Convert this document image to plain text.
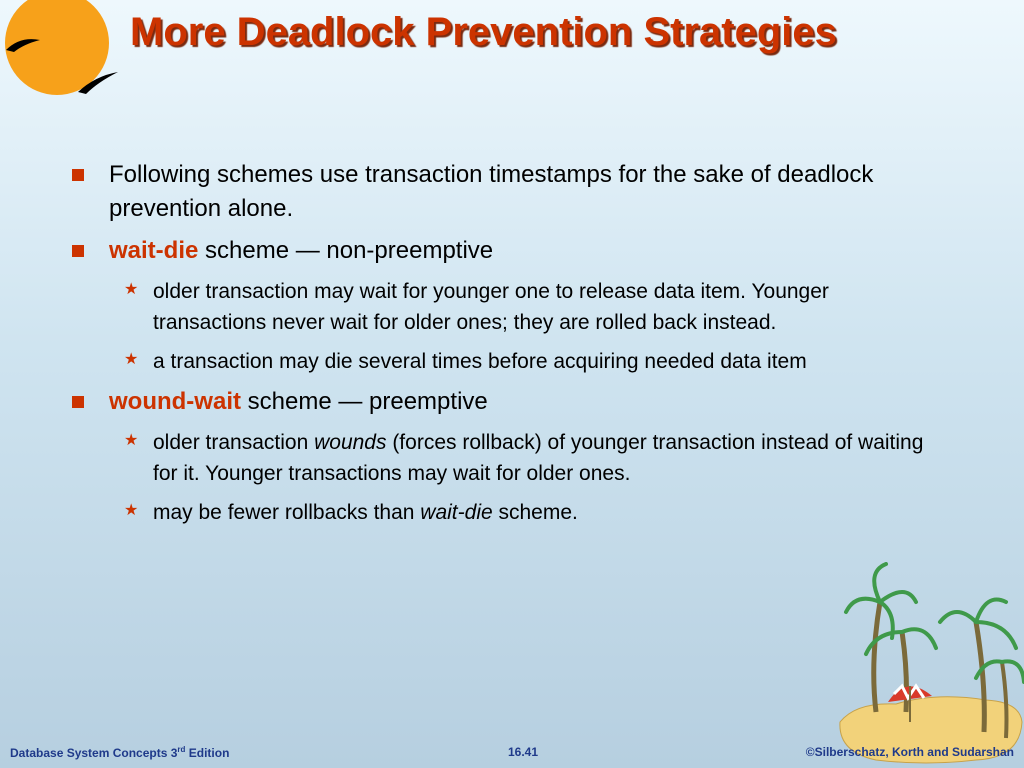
More Deadlock Prevention Strategies
Following schemes use transaction timestamps for the sake of deadlock prevention alone.
wait-die scheme — non-preemptive
★ older transaction may wait for younger one to release data item. Younger transactions never wait for older ones; they are rolled back instead.
★ a transaction may die several times before acquiring needed data item
wound-wait scheme — preemptive
★ older transaction wounds (forces rollback) of younger transaction instead of waiting for it. Younger transactions may wait for older ones.
★ may be fewer rollbacks than wait-die scheme.
Database System Concepts 3rd Edition	16.41	©Silberschatz, Korth and Sudarshan
